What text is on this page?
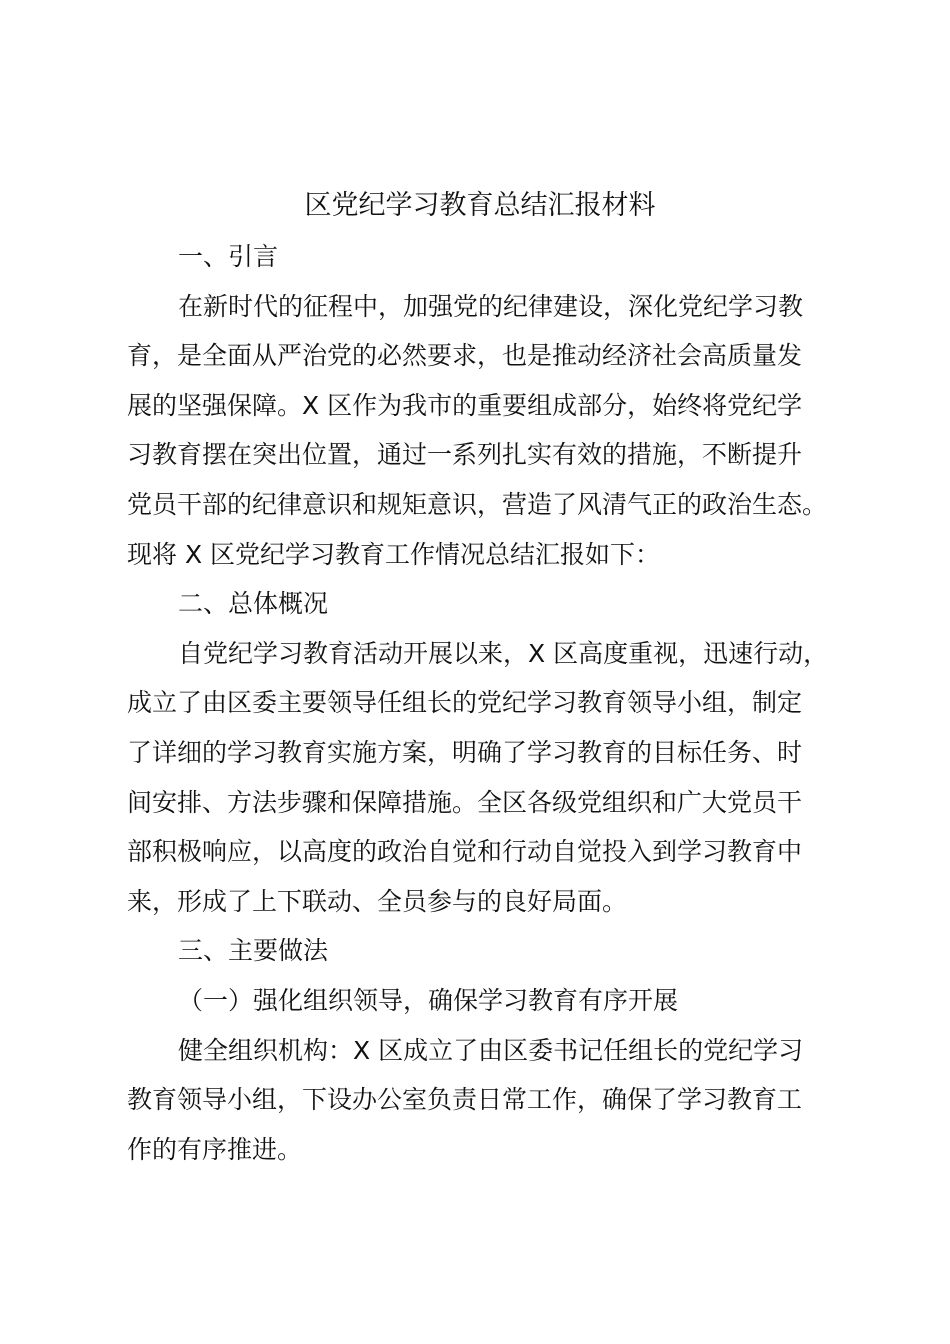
区党纪学习教育总结汇报材料
一、引言
在新时代的征程中，加强党的纪律建设，深化党纪学习教
育，是全面从严治党的必然要求，也是推动经济社会高质量发
展的坚强保障。X 区作为我市的重要组成部分，始终将党纪学
习教育摆在突出位置，通过一系列扎实有效的措施，不断提升
党员干部的纪律意识和规矩意识，营造了风清气正的政治生态。
现将 X 区党纪学习教育工作情况总结汇报如下：
二、总体概况
自党纪学习教育活动开展以来，X 区高度重视，迅速行动，
成立了由区委主要领导任组长的党纪学习教育领导小组，制定
了详细的学习教育实施方案，明确了学习教育的目标任务、时
间安排、方法步骤和保障措施。全区各级党组织和广大党员干
部积极响应，以高度的政治自觉和行动自觉投入到学习教育中
来，形成了上下联动、全员参与的良好局面。
三、主要做法
（一）强化组织领导，确保学习教育有序开展
健全组织机构：X 区成立了由区委书记任组长的党纪学习
教育领导小组，下设办公室负责日常工作，确保了学习教育工
作的有序推进。
